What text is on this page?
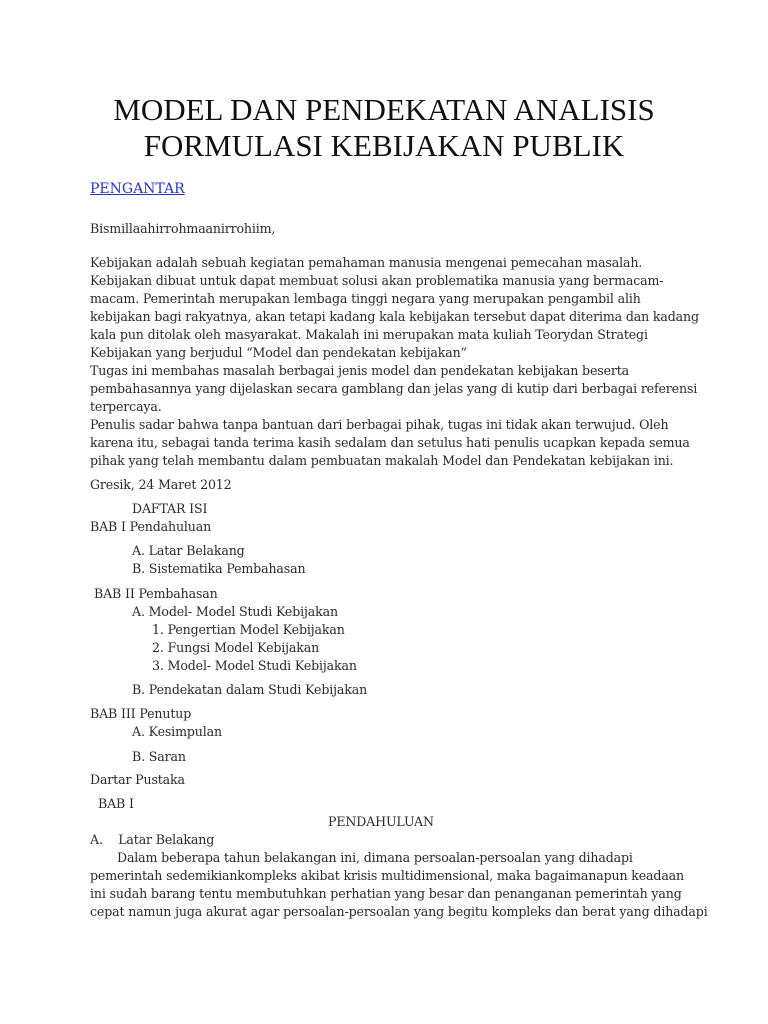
MODEL DAN PENDEKATAN ANALISIS
FORMULASI KEBIJAKAN PUBLIK
PENGANTAR

Bismillaahirrohmaanirrohiim,

Kebijakan adalah sebuah kegiatan pemahaman manusia mengenai pemecahan masalah.

Kebijakan dibuat untuk dapat membuat solusi akan problematika manusia yang bermacam-

macam. Pemerintah merupakan lembaga tinggi negara yang merupakan pengambil alih

kebijakan bagi rakyatnya, akan tetapi kadang kala kebijakan tersebut dapat diterima dan kadang

kala pun ditolak oleh masyarakat. Makalah ini merupakan mata kuliah Teorydan Strategi

Kebijakan yang berjudul “Model dan pendekatan kebijakan”

Tugas ini membahas masalah berbagai jenis model dan pendekatan kebijakan beserta

pembahasannya yang dijelaskan secara gamblang dan jelas yang di kutip dari berbagai referensi

terpercaya.

Penulis sadar bahwa tanpa bantuan dari berbagai pihak, tugas ini tidak akan terwujud. Oleh

karena itu, sebagai tanda terima kasih sedalam dan setulus hati penulis ucapkan kepada semua

pihak yang telah membantu dalam pembuatan makalah Model dan Pendekatan kebijakan ini.

Gresik, 24 Maret 2012

DAFTAR ISI

BAB I Pendahuluan

A. Latar Belakang

B. Sistematika Pembahasan

BAB II Pembahasan

A. Model- Model Studi Kebijakan

1. Pengertian Model Kebijakan

2. Fungsi Model Kebijakan

3. Model- Model Studi Kebijakan

B. Pendekatan dalam Studi Kebijakan

BAB III Penutup

A. Kesimpulan

B. Saran

Dartar Pustaka

BAB I

PENDAHULUAN

A.    Latar Belakang

Dalam beberapa tahun belakangan ini, dimana persoalan-persoalan yang dihadapi

pemerintah sedemikiankompleks akibat krisis multidimensional, maka bagaimanapun keadaan

ini sudah barang tentu membutuhkan perhatian yang besar dan penanganan pemerintah yang

cepat namun juga akurat agar persoalan-persoalan yang begitu kompleks dan berat yang dihadapi
